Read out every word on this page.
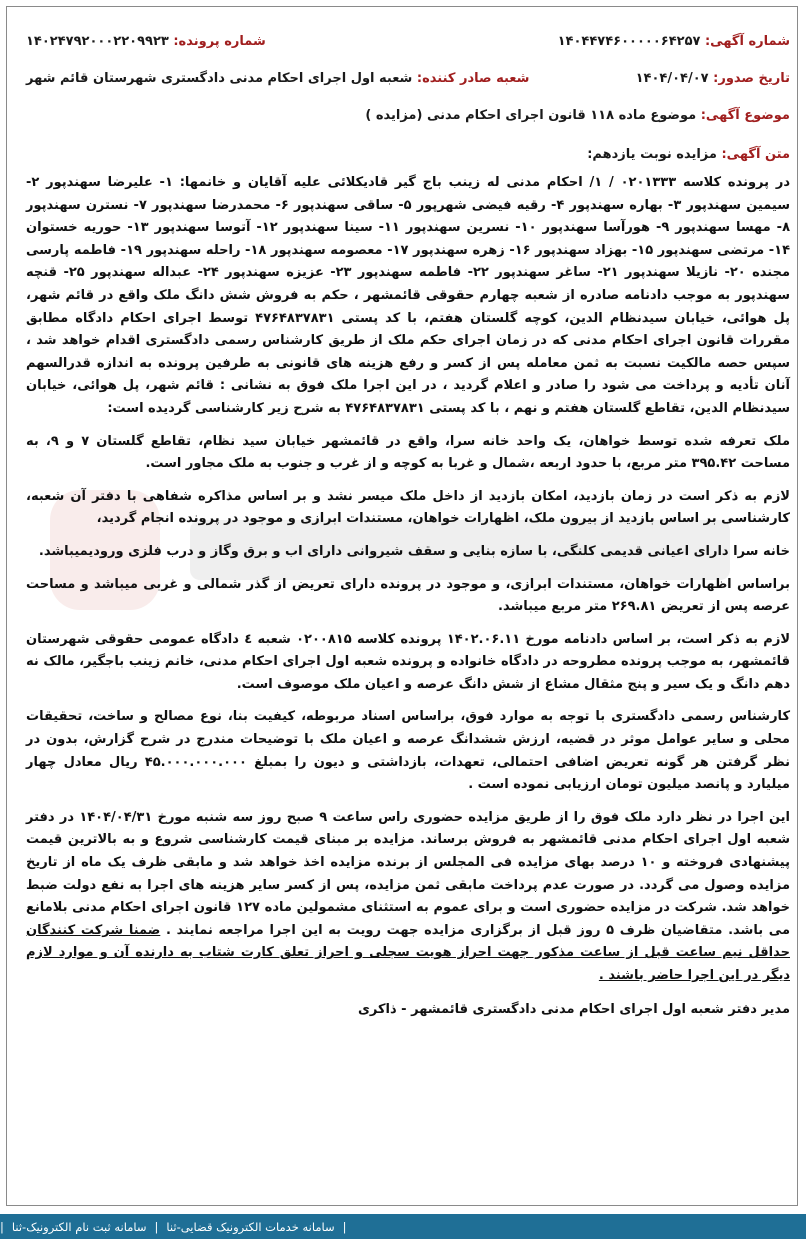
شماره آگهی: ۱۴۰۴۴۷۴۶۰۰۰۰۰۶۴۲۵۷
شماره پرونده: ۱۴۰۲۴۷۹۲۰۰۰۲۲۰۹۹۲۳
تاریخ صدور: ۱۴۰۴/۰۴/۰۷
شعبه صادر کننده: شعبه اول اجرای احکام مدنی دادگستری شهرستان قائم شهر
موضوع آگهی: موضوع ماده ۱۱۸ قانون اجرای احکام مدنی (مزایده )
متن آگهی: مزایده نوبت یازدهم:

در پرونده کلاسه ۰۲۰۱۳۳۳ / ۱/ احکام مدنی له زینب باج گیر قادیکلائی علیه آقایان و خانمها: ۱- علیرضا سهندپور ۲- سیمین سهندپور ۳- بهاره سهندپور ۴- رقیه فیضی شهرپور ۵- ساقی سهندپور ۶- محمدرضا سهندپور ۷- نسترن سهندپور ۸- مهسا سهندپور ۹- هورآسا سهندپور ۱۰- نسرین سهندپور ۱۱- سینا سهندپور ۱۲- آتوسا سهندپور ۱۳- حوریه خستوان ۱۴- مرتضی سهندپور ۱۵- بهزاد سهندپور ۱۶- زهره سهندپور ۱۷- معصومه سهندپور ۱۸- راحله سهندپور ۱۹- فاطمه پارسی مجنده ۲۰- نازیلا سهندپور ۲۱- ساغر سهندپور ۲۲- فاطمه سهندپور ۲۳- عزیزه سهندپور ۲۴- عبداله سهندپور ۲۵- قنچه سهندپور به موجب دادنامه صادره از شعبه چهارم حقوقی قائمشهر ، حکم به فروش شش دانگ ملک واقع در قائم شهر، پل هوائی، خیابان سیدنظام الدین، کوچه گلستان هفتم، با کد پستی ۴۷۶۴۸۳۷۸۳۱ توسط اجرای احکام دادگاه مطابق مقررات قانون اجرای احکام مدنی که در زمان اجرای حکم ملک از طریق کارشناس رسمی دادگستری اقدام خواهد شد ، سپس حصه مالکیت نسبت به ثمن معامله پس از کسر و رفع هزینه های قانونی به طرفین پرونده به اندازه قدرالسهم آنان تأدیه و پرداخت می شود را صادر و اعلام گردید ، در این اجرا ملک فوق به نشانی : قائم شهر، پل هوائی، خیابان سیدنظام الدین، تقاطع گلستان هفتم و نهم ، با کد پستی ۴۷۶۴۸۳۷۸۳۱ به شرح زیر کارشناسی گردیده است:

ملک تعرفه شده توسط خواهان، یک واحد خانه سرا، واقع در قائمشهر خیابان سید نظام، تقاطع گلستان ۷ و ۹، به مساحت ۳۹۵.۴۲ متر مربع، با حدود اربعه ،شمال و غربا به کوچه و از غرب و جنوب به ملک مجاور است.

لازم به ذکر است در زمان بازدید، امکان بازدید از داخل ملک میسر نشد و بر اساس مذاکره شفاهی با دفتر آن شعبه، کارشناسی بر اساس بازدید از بیرون ملک، اظهارات خواهان، مستندات ابرازی و موجود در پرونده انجام گردید،

خانه سرا دارای اعیانی قدیمی کلنگی، با سازه بنایی و سقف شیروانی دارای اب و برق وگاز و درب فلزی ورودیمیباشد.

براساس اظهارات خواهان، مستندات ابرازی، و موجود در پرونده دارای تعریض از گذر شمالی و غربی میباشد و مساحت عرصه پس از تعریض ۲۶۹.۸۱ متر مربع میباشد.

لازم به ذکر است، بر اساس دادنامه مورخ ۱۴۰۲.۰۶.۱۱ پرونده کلاسه ۰۲۰۰۸۱۵ شعبه ٤ دادگاه عمومی حقوقی شهرستان قائمشهر، به موجب پرونده مطروحه در دادگاه خانواده و پرونده شعبه اول اجرای احکام مدنی، خانم زینب باجگیر، مالک نه دهم دانگ و یک سیر و پنج مثقال مشاع از شش دانگ عرصه و اعیان ملک موصوف است.

کارشناس رسمی دادگستری با توجه به موارد فوق، براساس اسناد مربوطه، کیفیت بنا، نوع مصالح و ساخت، تحقیقات محلی و سایر عوامل موثر در قضیه، ارزش ششدانگ عرصه و اعیان ملک با توضیحات مندرج در شرح گزارش، بدون در نظر گرفتن هر گونه تعریض اضافی احتمالی، تعهدات، بازداشتی و دیون را بمبلغ ۴۵.۰۰۰.۰۰۰.۰۰۰ ریال معادل چهار میلیارد و پانصد میلیون تومان ارزیابی نموده است .

این اجرا در نظر دارد ملک فوق را از طریق مزایده حضوری راس ساعت ۹ صبح روز سه شنبه مورخ ۱۴۰۴/۰۴/۳۱ در دفتر شعبه اول اجرای احکام مدنی قائمشهر به فروش برساند. مزایده بر مبنای قیمت کارشناسی شروع و به بالاترین قیمت پیشنهادی فروخته و ۱۰ درصد بهای مزایده فی المجلس از برنده مزایده اخذ خواهد شد و مابقی ظرف یک ماه از تاریخ مزایده وصول می گردد. در صورت عدم پرداخت مابقی ثمن مزایده، پس از کسر سایر هزینه های اجرا به نفع دولت ضبط خواهد شد. شرکت در مزایده حضوری است و برای عموم به استثنای مشمولین ماده ۱۲۷ قانون اجرای احکام مدنی بلامانع می باشد. متقاضیان ظرف ۵ روز قبل از برگزاری مزایده جهت رویت به این اجرا مراجعه نمایند . ضمنا شرکت کنندگان حداقل نیم ساعت قبل از ساعت مذکور جهت احراز هویت سجلی و احراز تعلق کارت شتاب به دارنده آن و موارد لازم دیگر در این اجرا حاضر باشند .

مدیر دفتر شعبه اول اجرای احکام مدنی دادگستری قائمشهر - ذاکری
|
سامانه خدمات الکترونیک قضایی-ثنا
|
سامانه ثبت نام الکترونیک-ثنا
|
